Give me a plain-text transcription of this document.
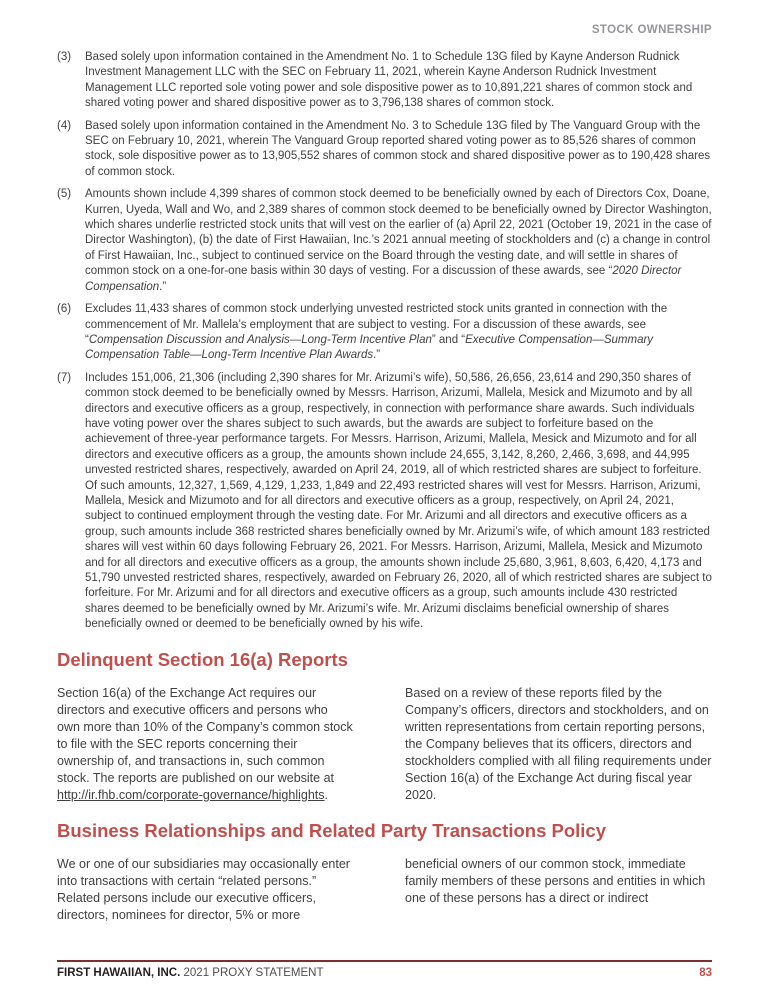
STOCK OWNERSHIP
(3)	Based solely upon information contained in the Amendment No. 1 to Schedule 13G filed by Kayne Anderson Rudnick Investment Management LLC with the SEC on February 11, 2021, wherein Kayne Anderson Rudnick Investment Management LLC reported sole voting power and sole dispositive power as to 10,891,221 shares of common stock and shared voting power and shared dispositive power as to 3,796,138 shares of common stock.
(4)	Based solely upon information contained in the Amendment No. 3 to Schedule 13G filed by The Vanguard Group with the SEC on February 10, 2021, wherein The Vanguard Group reported shared voting power as to 85,526 shares of common stock, sole dispositive power as to 13,905,552 shares of common stock and shared dispositive power as to 190,428 shares of common stock.
(5)	Amounts shown include 4,399 shares of common stock deemed to be beneficially owned by each of Directors Cox, Doane, Kurren, Uyeda, Wall and Wo, and 2,389 shares of common stock deemed to be beneficially owned by Director Washington, which shares underlie restricted stock units that will vest on the earlier of (a) April 22, 2021 (October 19, 2021 in the case of Director Washington), (b) the date of First Hawaiian, Inc.’s 2021 annual meeting of stockholders and (c) a change in control of First Hawaiian, Inc., subject to continued service on the Board through the vesting date, and will settle in shares of common stock on a one-for-one basis within 30 days of vesting. For a discussion of these awards, see “2020 Director Compensation.”
(6)	Excludes 11,433 shares of common stock underlying unvested restricted stock units granted in connection with the commencement of Mr. Mallela’s employment that are subject to vesting. For a discussion of these awards, see “Compensation Discussion and Analysis—Long-Term Incentive Plan” and “Executive Compensation—Summary Compensation Table—Long-Term Incentive Plan Awards.”
(7)	Includes 151,006, 21,306 (including 2,390 shares for Mr. Arizumi’s wife), 50,586, 26,656, 23,614 and 290,350 shares of common stock deemed to be beneficially owned by Messrs. Harrison, Arizumi, Mallela, Mesick and Mizumoto and by all directors and executive officers as a group, respectively, in connection with performance share awards. Such individuals have voting power over the shares subject to such awards, but the awards are subject to forfeiture based on the achievement of three-year performance targets. For Messrs. Harrison, Arizumi, Mallela, Mesick and Mizumoto and for all directors and executive officers as a group, the amounts shown include 24,655, 3,142, 8,260, 2,466, 3,698, and 44,995 unvested restricted shares, respectively, awarded on April 24, 2019, all of which restricted shares are subject to forfeiture. Of such amounts, 12,327, 1,569, 4,129, 1,233, 1,849 and 22,493 restricted shares will vest for Messrs. Harrison, Arizumi, Mallela, Mesick and Mizumoto and for all directors and executive officers as a group, respectively, on April 24, 2021, subject to continued employment through the vesting date. For Mr. Arizumi and all directors and executive officers as a group, such amounts include 368 restricted shares beneficially owned by Mr. Arizumi’s wife, of which amount 183 restricted shares will vest within 60 days following February 26, 2021. For Messrs. Harrison, Arizumi, Mallela, Mesick and Mizumoto and for all directors and executive officers as a group, the amounts shown include 25,680, 3,961, 8,603, 6,420, 4,173 and 51,790 unvested restricted shares, respectively, awarded on February 26, 2020, all of which restricted shares are subject to forfeiture. For Mr. Arizumi and for all directors and executive officers as a group, such amounts include 430 restricted shares deemed to be beneficially owned by Mr. Arizumi’s wife. Mr. Arizumi disclaims beneficial ownership of shares beneficially owned or deemed to be beneficially owned by his wife.
Delinquent Section 16(a) Reports
Section 16(a) of the Exchange Act requires our directors and executive officers and persons who own more than 10% of the Company’s common stock to file with the SEC reports concerning their ownership of, and transactions in, such common stock. The reports are published on our website at http://ir.fhb.com/corporate-governance/highlights.
Based on a review of these reports filed by the Company’s officers, directors and stockholders, and on written representations from certain reporting persons, the Company believes that its officers, directors and stockholders complied with all filing requirements under Section 16(a) of the Exchange Act during fiscal year 2020.
Business Relationships and Related Party Transactions Policy
We or one of our subsidiaries may occasionally enter into transactions with certain “related persons.” Related persons include our executive officers, directors, nominees for director, 5% or more
beneficial owners of our common stock, immediate family members of these persons and entities in which one of these persons has a direct or indirect
FIRST HAWAIIAN, INC. 2021 PROXY STATEMENT	83
